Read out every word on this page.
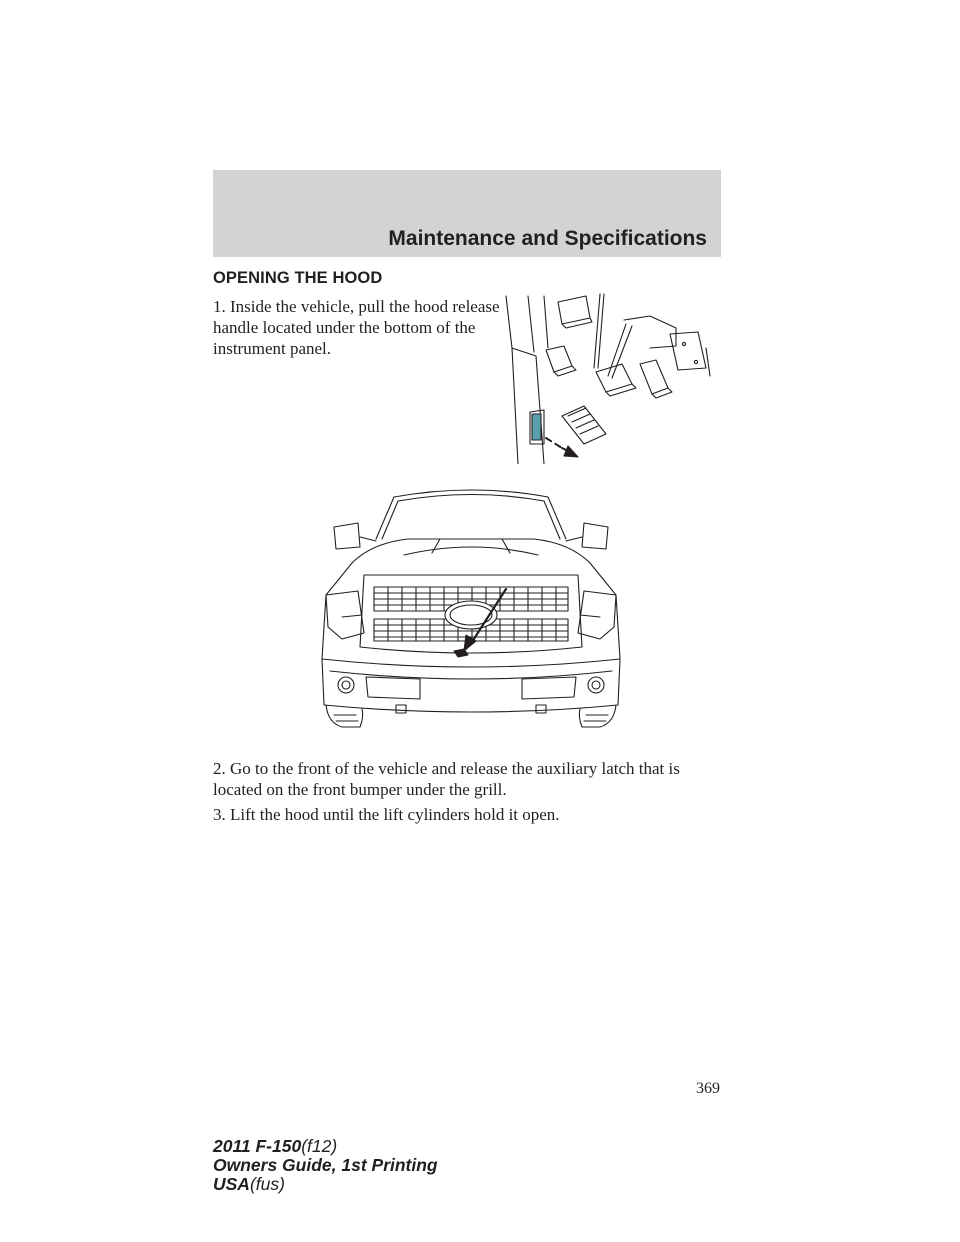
Maintenance and Specifications
OPENING THE HOOD

1. Inside the vehicle, pull the hood release handle located under the bottom of the instrument panel.

2. Go to the front of the vehicle and release the auxiliary latch that is located on the front bumper under the grill.

3. Lift the hood until the lift cylinders hold it open.

369

2011 F-150(f12)
Owners Guide, 1st Printing
USA(fus)
